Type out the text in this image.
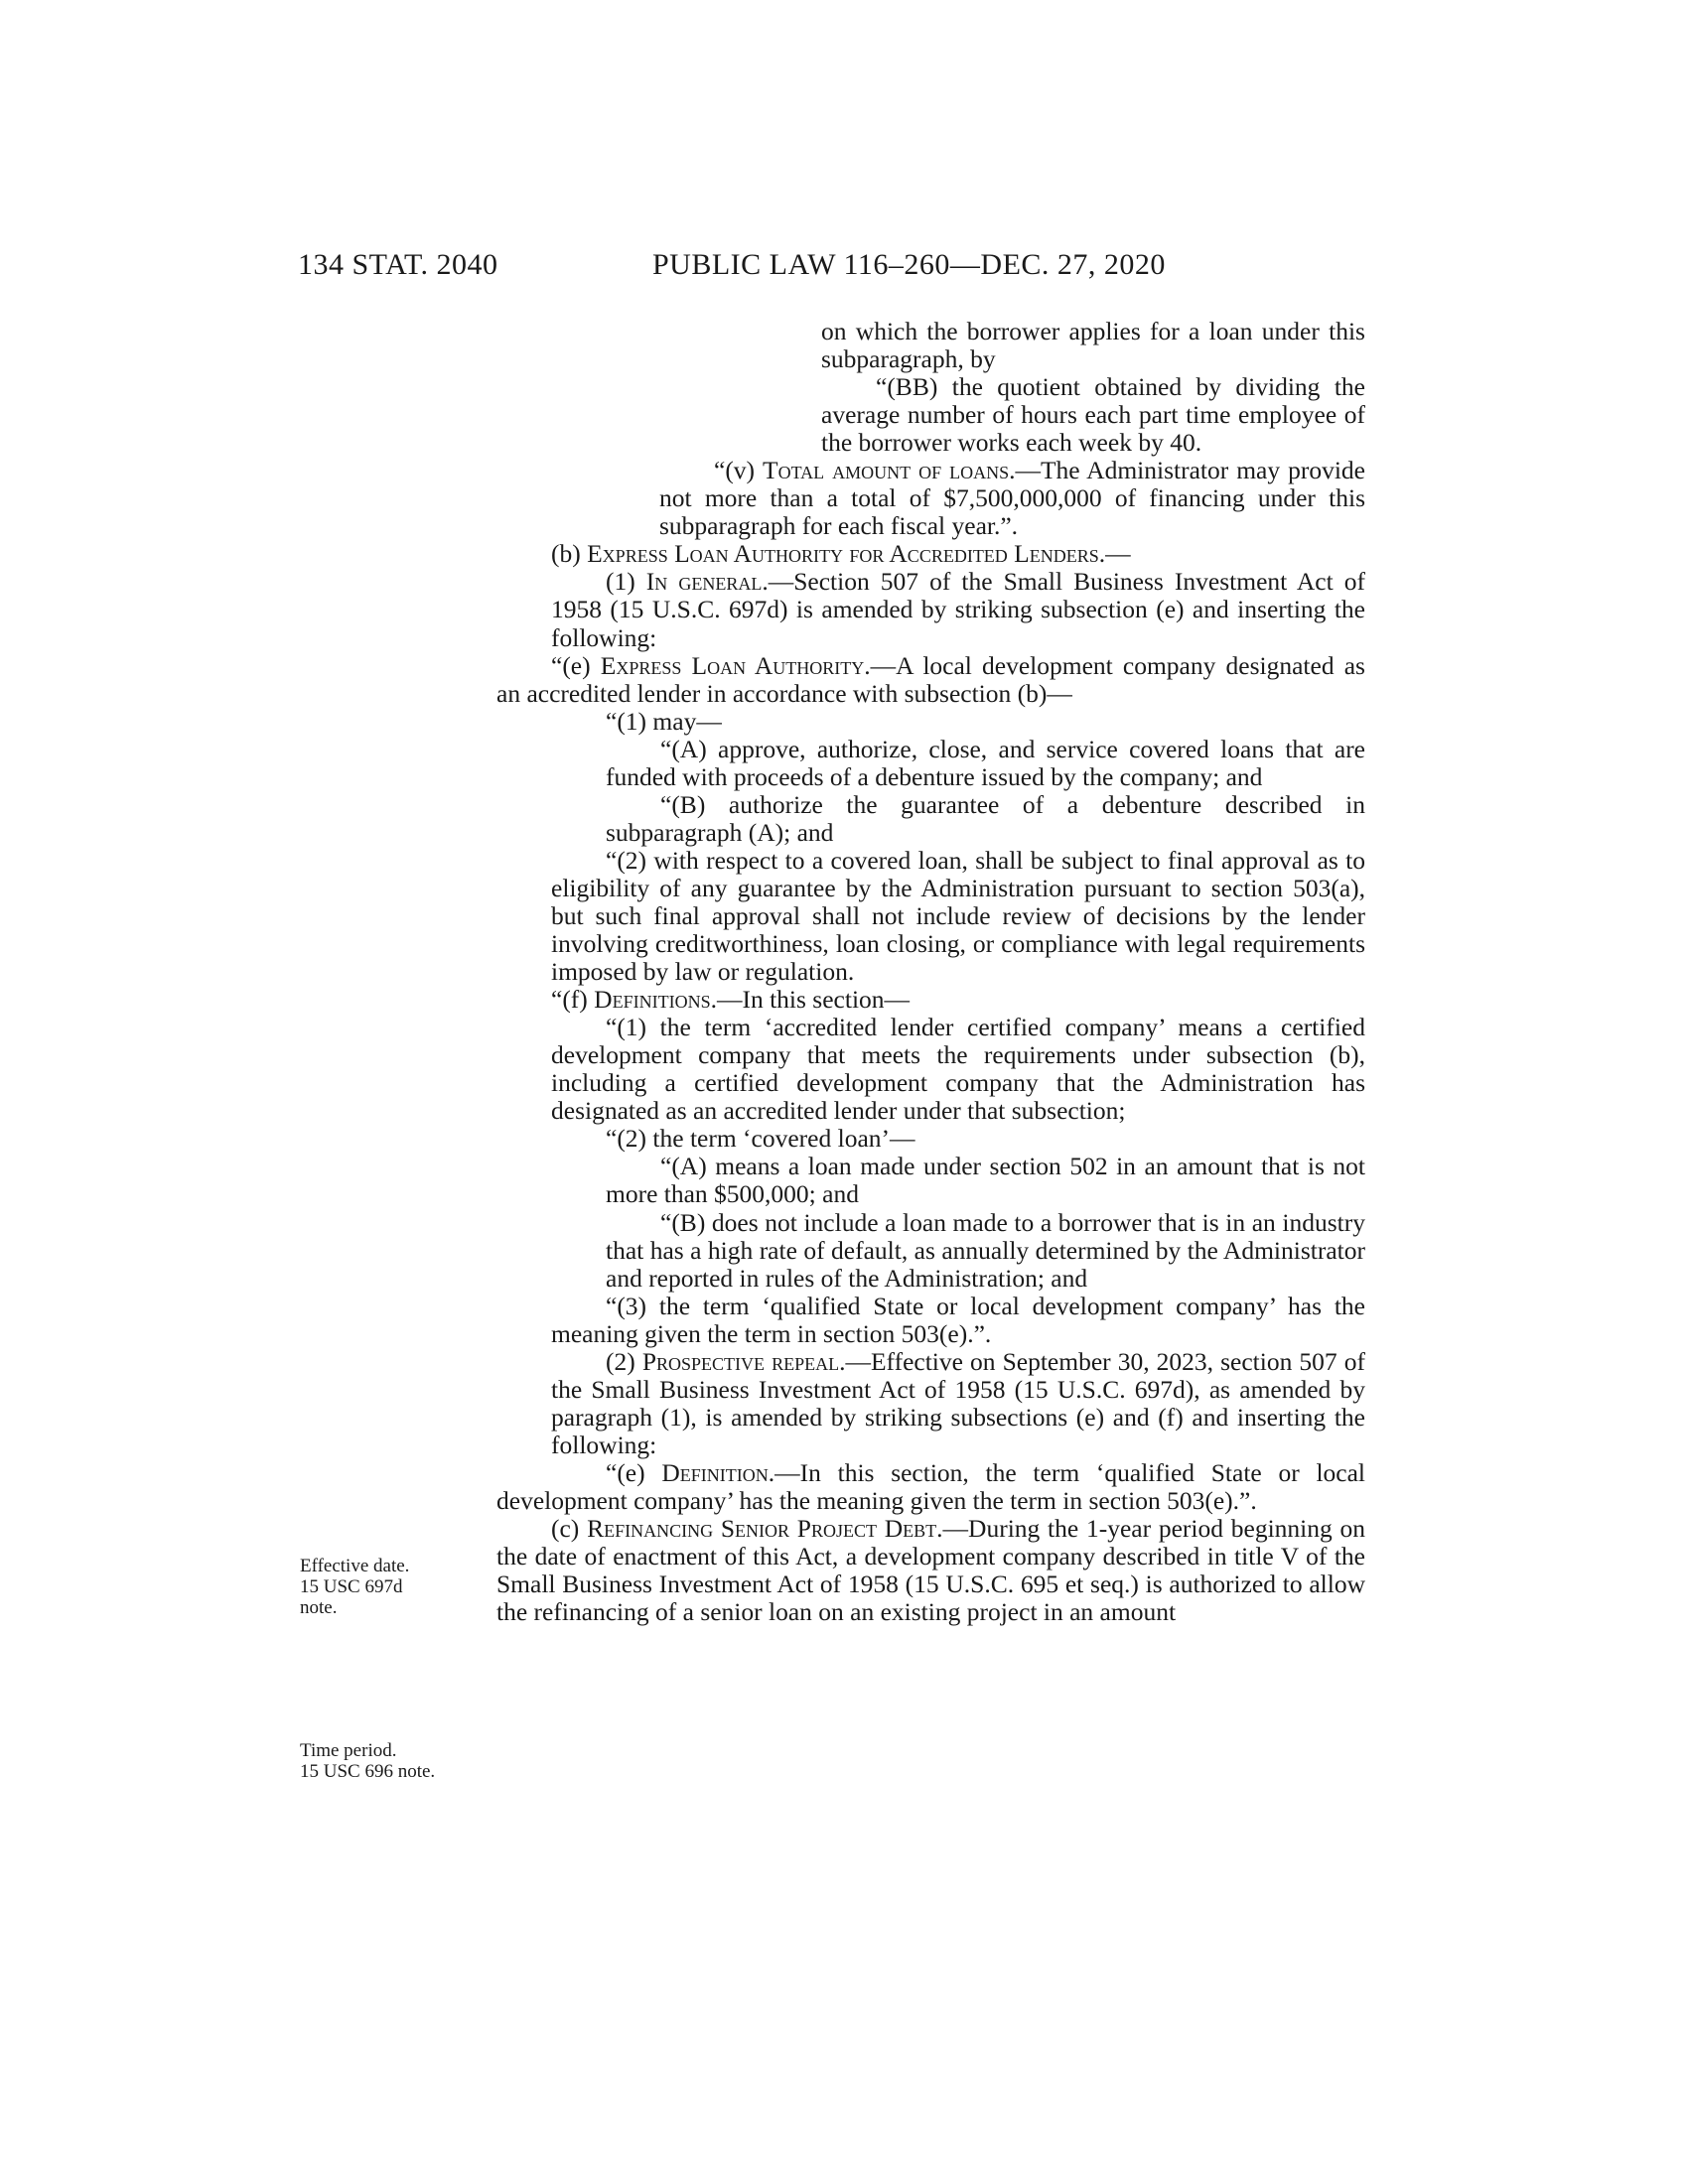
134 STAT. 2040	PUBLIC LAW 116–260—DEC. 27, 2020
Effective date.
15 USC 697d
note.
Time period.
15 USC 696 note.

on which the borrower applies for a loan under this subparagraph, by

“(BB) the quotient obtained by dividing the average number of hours each part time employee of the borrower works each week by 40.

“(v) Total amount of loans.—The Administrator may provide not more than a total of $7,500,000,000 of financing under this subparagraph for each fiscal year.”.

(b) Express Loan Authority for Accredited Lenders.—

(1) In general.—Section 507 of the Small Business Investment Act of 1958 (15 U.S.C. 697d) is amended by striking subsection (e) and inserting the following:

“(e) Express Loan Authority.—A local development company designated as an accredited lender in accordance with subsection (b)—

“(1) may—

“(A) approve, authorize, close, and service covered loans that are funded with proceeds of a debenture issued by the company; and

“(B) authorize the guarantee of a debenture described in subparagraph (A); and

“(2) with respect to a covered loan, shall be subject to final approval as to eligibility of any guarantee by the Administration pursuant to section 503(a), but such final approval shall not include review of decisions by the lender involving creditworthiness, loan closing, or compliance with legal requirements imposed by law or regulation.

“(f) Definitions.—In this section—

“(1) the term ‘accredited lender certified company’ means a certified development company that meets the requirements under subsection (b), including a certified development company that the Administration has designated as an accredited lender under that subsection;

“(2) the term ‘covered loan’—

“(A) means a loan made under section 502 in an amount that is not more than $500,000; and

“(B) does not include a loan made to a borrower that is in an industry that has a high rate of default, as annually determined by the Administrator and reported in rules of the Administration; and

“(3) the term ‘qualified State or local development company’ has the meaning given the term in section 503(e).”.

(2) Prospective repeal.—Effective on September 30, 2023, section 507 of the Small Business Investment Act of 1958 (15 U.S.C. 697d), as amended by paragraph (1), is amended by striking subsections (e) and (f) and inserting the following:

“(e) Definition.—In this section, the term ‘qualified State or local development company’ has the meaning given the term in section 503(e).”.

(c) Refinancing Senior Project Debt.—During the 1-year period beginning on the date of enactment of this Act, a development company described in title V of the Small Business Investment Act of 1958 (15 U.S.C. 695 et seq.) is authorized to allow the refinancing of a senior loan on an existing project in an amount
